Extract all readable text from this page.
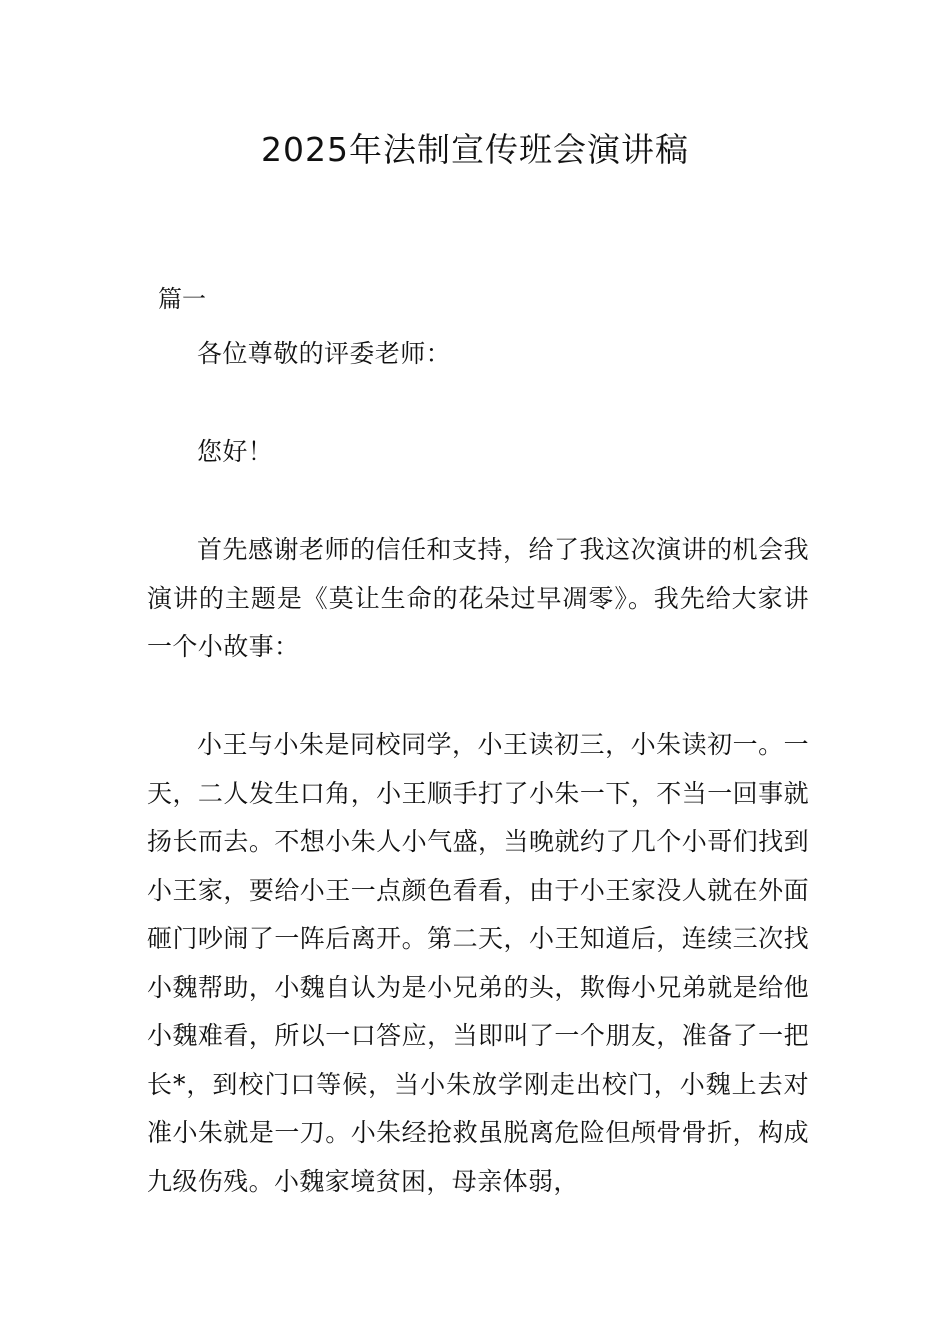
2025年法制宣传班会演讲稿
篇一

各位尊敬的评委老师：

您好！

首先感谢老师的信任和支持，给了我这次演讲的机会我演讲的主题是《莫让生命的花朵过早凋零》。我先给大家讲一个小故事：

小王与小朱是同校同学，小王读初三，小朱读初一。一天，二人发生口角，小王顺手打了小朱一下，不当一回事就扬长而去。不想小朱人小气盛，当晚就约了几个小哥们找到小王家，要给小王一点颜色看看，由于小王家没人就在外面砸门吵闹了一阵后离开。第二天，小王知道后，连续三次找小魏帮助，小魏自认为是小兄弟的头，欺侮小兄弟就是给他小魏难看，所以一口答应，当即叫了一个朋友，准备了一把长*，到校门口等候，当小朱放学刚走出校门，小魏上去对准小朱就是一刀。小朱经抢救虽脱离危险但颅骨骨折，构成九级伤残。小魏家境贫困，母亲体弱，
